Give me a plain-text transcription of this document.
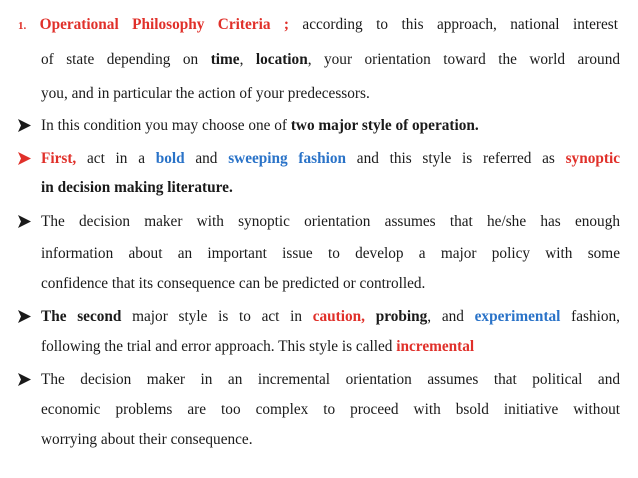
1. Operational Philosophy Criteria ; according to this approach, national interest
of state depending on time, location, your orientation toward the world around
you, and in particular the action of your predecessors.
In this condition you may choose one of two major style of operation.
First, act in a bold and sweeping fashion and this style is referred as synoptic
in decision making literature.
The decision maker with synoptic orientation assumes that he/she has enough
information about an important issue to develop a major policy with some
confidence that its consequence can be predicted or controlled.
The second major style is to act in caution, probing, and experimental fashion,
following the trial and error approach. This style is called incremental
The decision maker in an incremental orientation assumes that political and
economic problems are too complex to proceed with bsold initiative without
worrying about their consequence.
